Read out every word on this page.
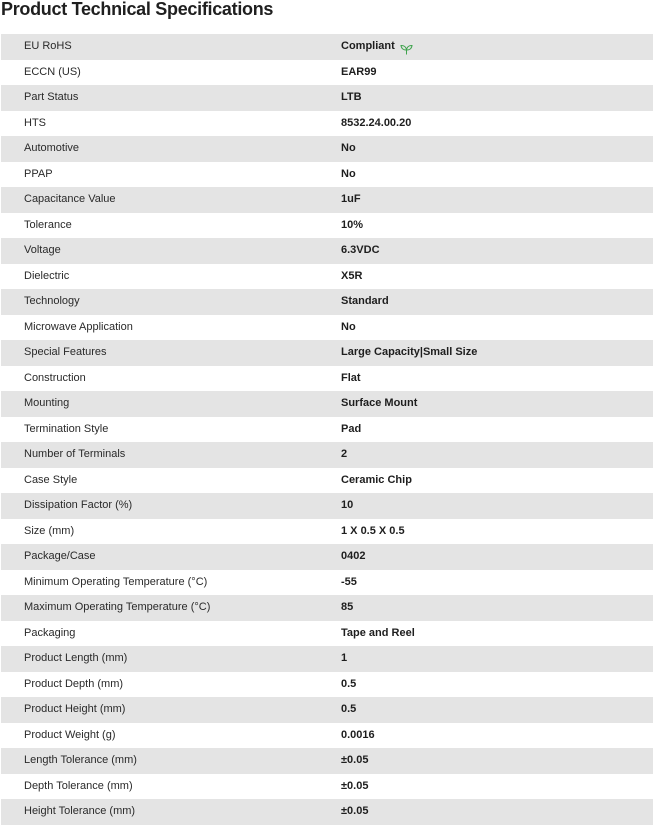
Product Technical Specifications
EU RoHS	Compliant
ECCN (US)	EAR99
Part Status	LTB
HTS	8532.24.00.20
Automotive	No
PPAP	No
Capacitance Value	1uF
Tolerance	10%
Voltage	6.3VDC
Dielectric	X5R
Technology	Standard
Microwave Application	No
Special Features	Large Capacity|Small Size
Construction	Flat
Mounting	Surface Mount
Termination Style	Pad
Number of Terminals	2
Case Style	Ceramic Chip
Dissipation Factor (%)	10
Size (mm)	1 X 0.5 X 0.5
Package/Case	0402
Minimum Operating Temperature (°C)	-55
Maximum Operating Temperature (°C)	85
Packaging	Tape and Reel
Product Length (mm)	1
Product Depth (mm)	0.5
Product Height (mm)	0.5
Product Weight (g)	0.0016
Length Tolerance (mm)	±0.05
Depth Tolerance (mm)	±0.05
Height Tolerance (mm)	±0.05
